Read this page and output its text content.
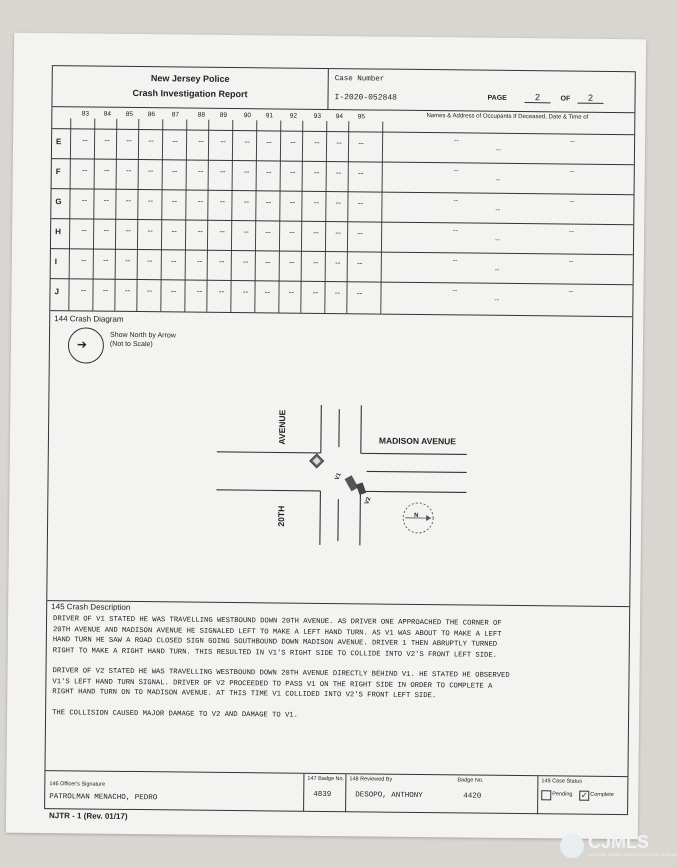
New Jersey Police
Crash Investigation Report
Case Number
I-2020-052848	PAGE	2	OF	2
83	84	85	86	87	88	89	90	91	92	93	94	95	Names & Address of Occupants If Deceased, Date & Time of
E	--	--	--	--	--	--	--	--	--	--	--	--	--	--	--
--
F	--	--	--	--	--	--	--	--	--	--	--	--	--	--	--
--
G	--	--	--	--	--	--	--	--	--	--	--	--	--	--	--
--
H	--	--	--	--	--	--	--	--	--	--	--	--	--	--	--
--
I	--	--	--	--	--	--	--	--	--	--	--	--	--	--	--
--
J	--	--	--	--	--	--	--	--	--	--	--	--	--	--	--
--
144 Crash Diagram
➔
Show North by Arrow
(Not to Scale)
MADISON AVENUE
AVENUE
20TH
V1
V2
N
145 Crash Description
DRIVER OF V1 STATED HE WAS TRAVELLING WESTBOUND DOWN 20TH AVENUE. AS DRIVER ONE APPROACHED THE CORNER OF
20TH AVENUE AND MADISON AVENUE HE SIGNALED LEFT TO MAKE A LEFT HAND TURN. AS V1 WAS ABOUT TO MAKE A LEFT
HAND TURN HE SAW A ROAD CLOSED SIGN GOING SOUTHBOUND DOWN MADISON AVENUE. DRIVER 1 THEN ABRUPTLY TURNED
RIGHT TO MAKE A RIGHT HAND TURN. THIS RESULTED IN V1'S RIGHT SIDE TO COLLIDE INTO V2'S FRONT LEFT SIDE.
DRIVER OF V2 STATED HE WAS TRAVELLING WESTBOUND DOWN 20TH AVENUE DIRECTLY BEHIND V1. HE STATED HE OBSERVED
V1'S LEFT HAND TURN SIGNAL. DRIVER OF V2 PROCEEDED TO PASS V1 ON THE RIGHT SIDE IN ORDER TO COMPLETE A
RIGHT HAND TURN ON TO MADISON AVENUE. AT THIS TIME V1 COLLIDED INTO V2'S FRONT LEFT SIDE.
THE COLLISION CAUSED MAJOR DAMAGE TO V2 AND DAMAGE TO V1.
146 Officer's Signature
PATROLMAN MENACHO, PEDRO
147 Badge No.
4839
148 Reviewed By
DESOPO, ANTHONY
Badge No.
4420
149 Case Status
Pending ✓ Complete
NJTR - 1 (Rev. 01/17)
CJMLS
CENTRAL JERSEY MULTIPLE LISTING SYSTEM
